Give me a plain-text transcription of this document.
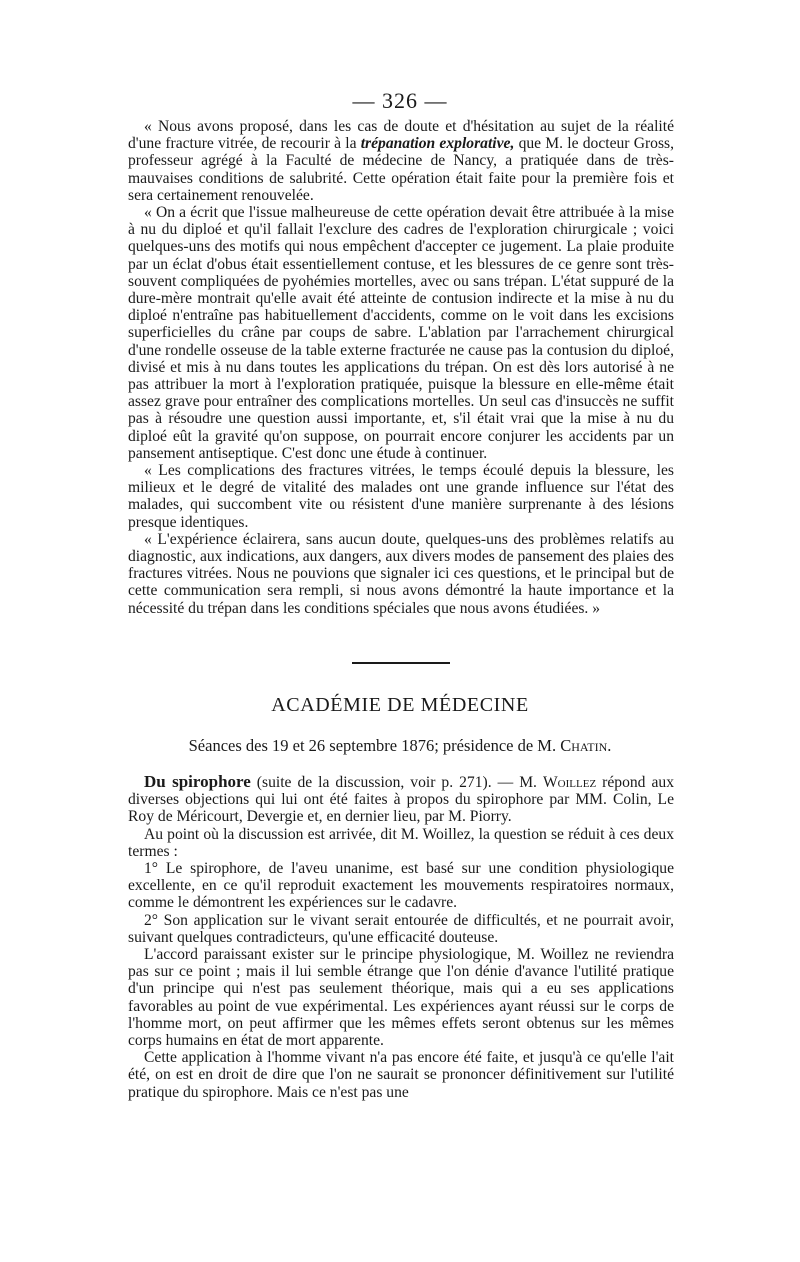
— 326 —

« Nous avons proposé, dans les cas de doute et d'hésitation au sujet de la réalité d'une fracture vitrée, de recourir à la trépanation explorative, que M. le docteur Gross, professeur agrégé à la Faculté de médecine de Nancy, a pratiquée dans de très-mauvaises conditions de salubrité. Cette opération était faite pour la première fois et sera certainement renouvelée.

« On a écrit que l'issue malheureuse de cette opération devait être attribuée à la mise à nu du diploé et qu'il fallait l'exclure des cadres de l'exploration chirurgicale ; voici quelques-uns des motifs qui nous empêchent d'accepter ce jugement. La plaie produite par un éclat d'obus était essentiellement contuse, et les blessures de ce genre sont très-souvent compliquées de pyohémies mortelles, avec ou sans trépan. L'état suppuré de la dure-mère montrait qu'elle avait été atteinte de contusion indirecte et la mise à nu du diploé n'entraîne pas habituellement d'accidents, comme on le voit dans les excisions superficielles du crâne par coups de sabre. L'ablation par l'arrachement chirurgical d'une rondelle osseuse de la table externe fracturée ne cause pas la contusion du diploé, divisé et mis à nu dans toutes les applications du trépan. On est dès lors autorisé à ne pas attribuer la mort à l'exploration pratiquée, puisque la blessure en elle-même était assez grave pour entraîner des complications mortelles. Un seul cas d'insuccès ne suffit pas à résoudre une question aussi importante, et, s'il était vrai que la mise à nu du diploé eût la gravité qu'on suppose, on pourrait encore conjurer les accidents par un pansement antiseptique. C'est donc une étude à continuer.

« Les complications des fractures vitrées, le temps écoulé depuis la blessure, les milieux et le degré de vitalité des malades ont une grande influence sur l'état des malades, qui succombent vite ou résistent d'une manière surprenante à des lésions presque identiques.

« L'expérience éclairera, sans aucun doute, quelques-uns des problèmes relatifs au diagnostic, aux indications, aux dangers, aux divers modes de pansement des plaies des fractures vitrées. Nous ne pouvions que signaler ici ces questions, et le principal but de cette communication sera rempli, si nous avons démontré la haute importance et la nécessité du trépan dans les conditions spéciales que nous avons étudiées. »

ACADÉMIE DE MÉDECINE
Séances des 19 et 26 septembre 1876; présidence de M. Chatin.

Du spirophore (suite de la discussion, voir p. 271). — M. Woillez répond aux diverses objections qui lui ont été faites à propos du spirophore par MM. Colin, Le Roy de Méricourt, Devergie et, en dernier lieu, par M. Piorry.

Au point où la discussion est arrivée, dit M. Woillez, la question se réduit à ces deux termes :

1° Le spirophore, de l'aveu unanime, est basé sur une condition physiologique excellente, en ce qu'il reproduit exactement les mouvements respiratoires normaux, comme le démontrent les expériences sur le cadavre.

2° Son application sur le vivant serait entourée de difficultés, et ne pourrait avoir, suivant quelques contradicteurs, qu'une efficacité douteuse.

L'accord paraissant exister sur le principe physiologique, M. Woillez ne reviendra pas sur ce point ; mais il lui semble étrange que l'on dénie d'avance l'utilité pratique d'un principe qui n'est pas seulement théorique, mais qui a eu ses applications favorables au point de vue expérimental. Les expériences ayant réussi sur le corps de l'homme mort, on peut affirmer que les mêmes effets seront obtenus sur les mêmes corps humains en état de mort apparente.

Cette application à l'homme vivant n'a pas encore été faite, et jusqu'à ce qu'elle l'ait été, on est en droit de dire que l'on ne saurait se prononcer définitivement sur l'utilité pratique du spirophore. Mais ce n'est pas une
